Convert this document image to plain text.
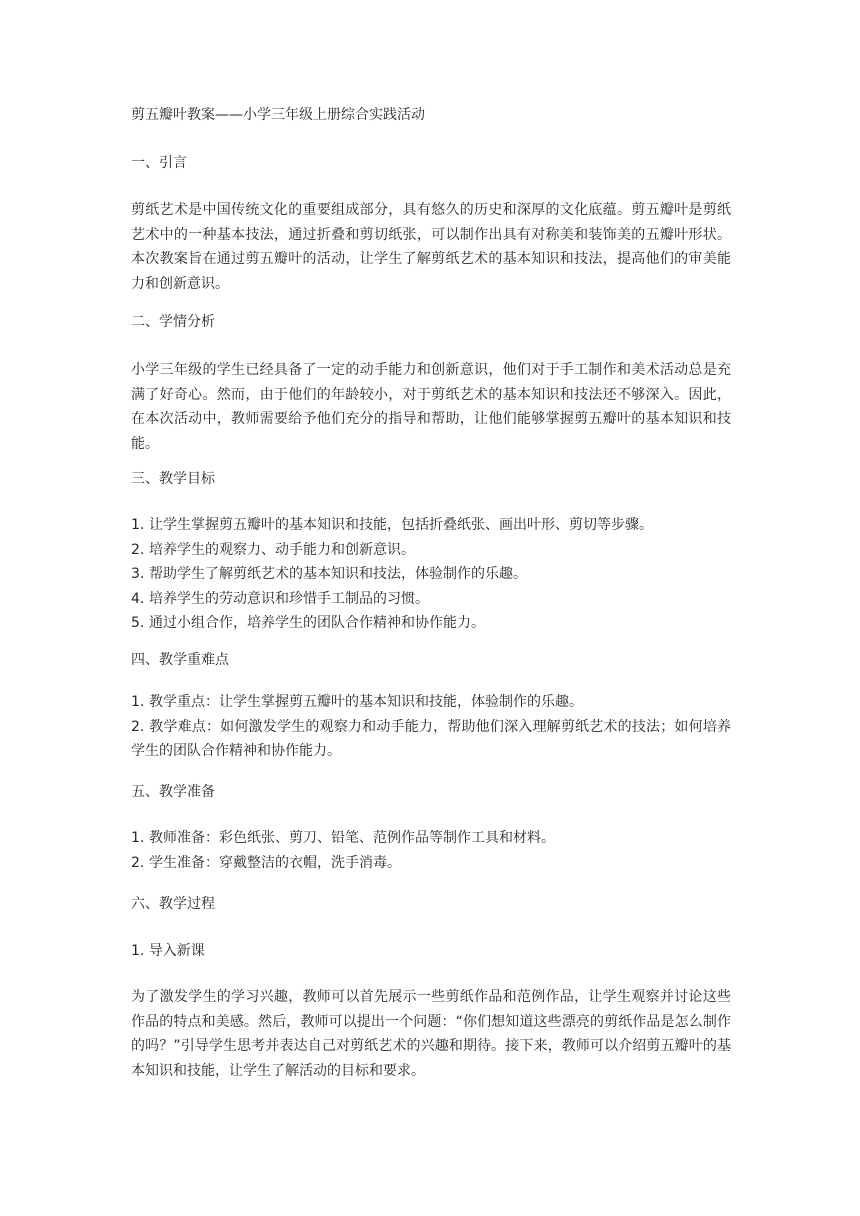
剪五瓣叶教案——小学三年级上册综合实践活动

一、引言

剪纸艺术是中国传统文化的重要组成部分，具有悠久的历史和深厚的文化底蕴。剪五瓣叶是剪纸艺术中的一种基本技法，通过折叠和剪切纸张，可以制作出具有对称美和装饰美的五瓣叶形状。本次教案旨在通过剪五瓣叶的活动，让学生了解剪纸艺术的基本知识和技法，提高他们的审美能力和创新意识。

二、学情分析

小学三年级的学生已经具备了一定的动手能力和创新意识，他们对于手工制作和美术活动总是充满了好奇心。然而，由于他们的年龄较小，对于剪纸艺术的基本知识和技法还不够深入。因此，在本次活动中，教师需要给予他们充分的指导和帮助，让他们能够掌握剪五瓣叶的基本知识和技能。

三、教学目标

1. 让学生掌握剪五瓣叶的基本知识和技能，包括折叠纸张、画出叶形、剪切等步骤。
2. 培养学生的观察力、动手能力和创新意识。
3. 帮助学生了解剪纸艺术的基本知识和技法，体验制作的乐趣。
4. 培养学生的劳动意识和珍惜手工制品的习惯。
5. 通过小组合作，培养学生的团队合作精神和协作能力。

四、教学重难点

1. 教学重点：让学生掌握剪五瓣叶的基本知识和技能，体验制作的乐趣。
2. 教学难点：如何激发学生的观察力和动手能力，帮助他们深入理解剪纸艺术的技法；如何培养学生的团队合作精神和协作能力。

五、教学准备

1. 教师准备：彩色纸张、剪刀、铅笔、范例作品等制作工具和材料。
2. 学生准备：穿戴整洁的衣帽，洗手消毒。

六、教学过程

1. 导入新课

为了激发学生的学习兴趣，教师可以首先展示一些剪纸作品和范例作品，让学生观察并讨论这些作品的特点和美感。然后，教师可以提出一个问题：“你们想知道这些漂亮的剪纸作品是怎么制作的吗？”引导学生思考并表达自己对剪纸艺术的兴趣和期待。接下来，教师可以介绍剪五瓣叶的基本知识和技能，让学生了解活动的目标和要求。
